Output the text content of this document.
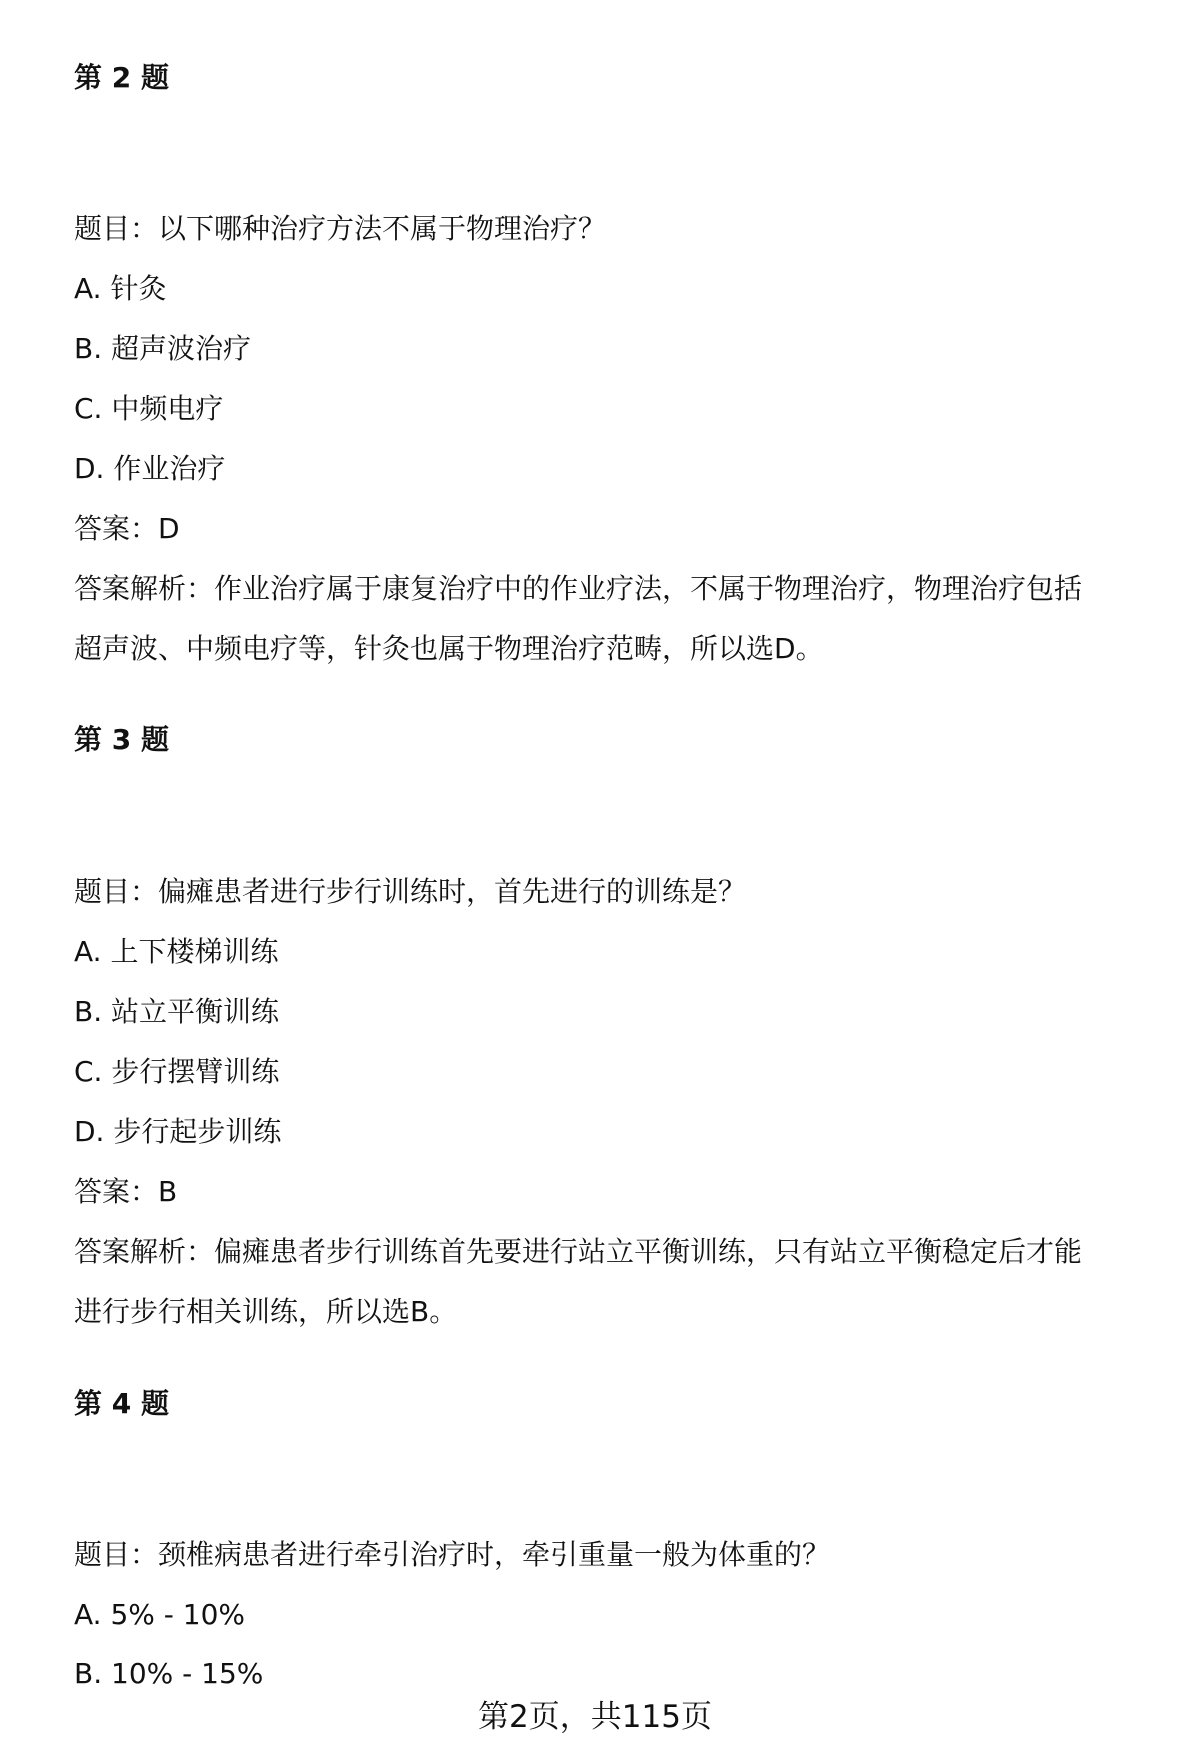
第 2 题
题目：以下哪种治疗方法不属于物理治疗？
A. 针灸
B. 超声波治疗
C. 中频电疗
D. 作业治疗
答案：D
答案解析：作业治疗属于康复治疗中的作业疗法，不属于物理治疗，物理治疗包括
超声波、中频电疗等，针灸也属于物理治疗范畴，所以选D。
第 3 题
题目：偏瘫患者进行步行训练时，首先进行的训练是？
A. 上下楼梯训练
B. 站立平衡训练
C. 步行摆臂训练
D. 步行起步训练
答案：B
答案解析：偏瘫患者步行训练首先要进行站立平衡训练，只有站立平衡稳定后才能
进行步行相关训练，所以选B。
第 4 题
题目：颈椎病患者进行牵引治疗时，牵引重量一般为体重的？
A. 5% - 10%
B. 10% - 15%
第2页，共115页
